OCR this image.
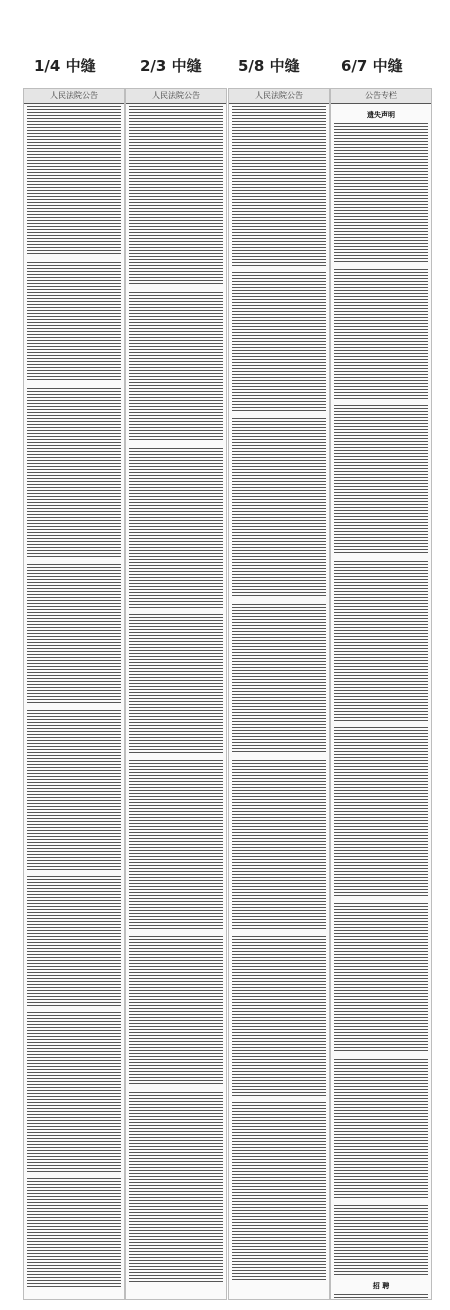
1/4 中缝	2/3 中缝 5/8 中缝	6/7 中缝
人民法院公告	人民法院公告	人民法院公告	公告专栏
遗失声明
招 聘
